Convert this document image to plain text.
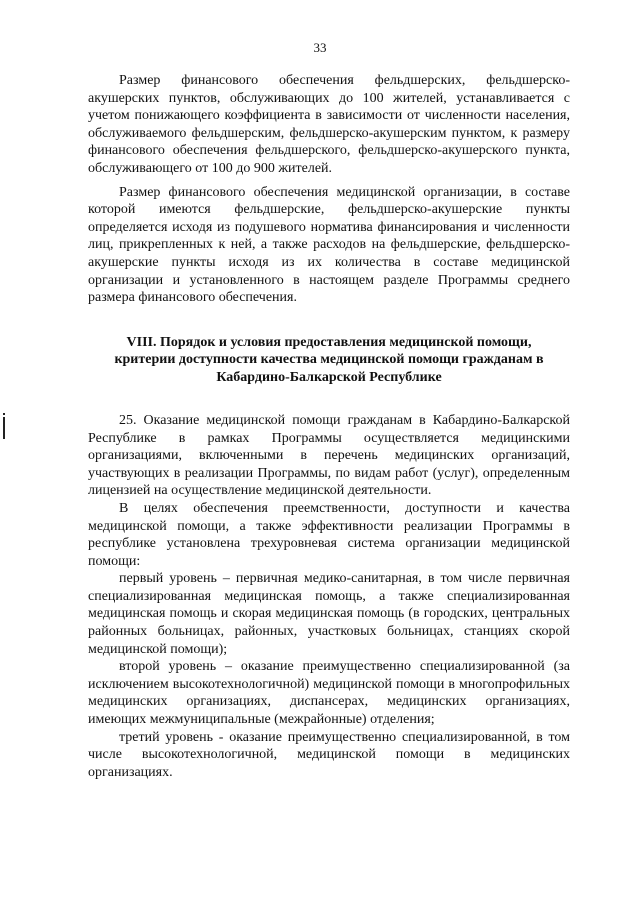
33

Размер финансового обеспечения фельдшерских, фельдшерско-акушерских пунктов, обслуживающих до 100 жителей, устанавливается с учетом понижающего коэффициента в зависимости от численности населения, обслуживаемого фельдшерским, фельдшерско-акушерским пунктом, к размеру финансового обеспечения фельдшерского, фельдшерско-акушерского пункта, обслуживающего от 100 до 900 жителей.

Размер финансового обеспечения медицинской организации, в составе которой имеются фельдшерские, фельдшерско-акушерские пункты определяется исходя из подушевого норматива финансирования и численности лиц, прикрепленных к ней, а также расходов на фельдшерские, фельдшерско-акушерские пункты исходя из их количества в составе медицинской организации и установленного в настоящем разделе Программы среднего размера финансового обеспечения.

VIII. Порядок и условия предоставления медицинской помощи,
критерии доступности качества медицинской помощи гражданам в
Кабардино-Балкарской Республике

25. Оказание медицинской помощи гражданам в Кабардино-Балкарской Республике в рамках Программы осуществляется медицинскими организациями, включенными в перечень медицинских организаций, участвующих в реализации Программы, по видам работ (услуг), определенным лицензией на осуществление медицинской деятельности.

В целях обеспечения преемственности, доступности и качества медицинской помощи, а также эффективности реализации Программы в республике установлена трехуровневая система организации медицинской помощи:

первый уровень – первичная медико-санитарная, в том числе первичная специализированная медицинская помощь, а также специализированная медицинская помощь и скорая медицинская помощь (в городских, центральных районных больницах, районных, участковых больницах, станциях скорой медицинской помощи);

второй уровень – оказание преимущественно специализированной (за исключением высокотехнологичной) медицинской помощи в многопрофильных медицинских организациях, диспансерах, медицинских организациях, имеющих межмуниципальные (межрайонные) отделения;

третий уровень - оказание преимущественно специализированной, в том числе высокотехнологичной, медицинской помощи в медицинских организациях.
